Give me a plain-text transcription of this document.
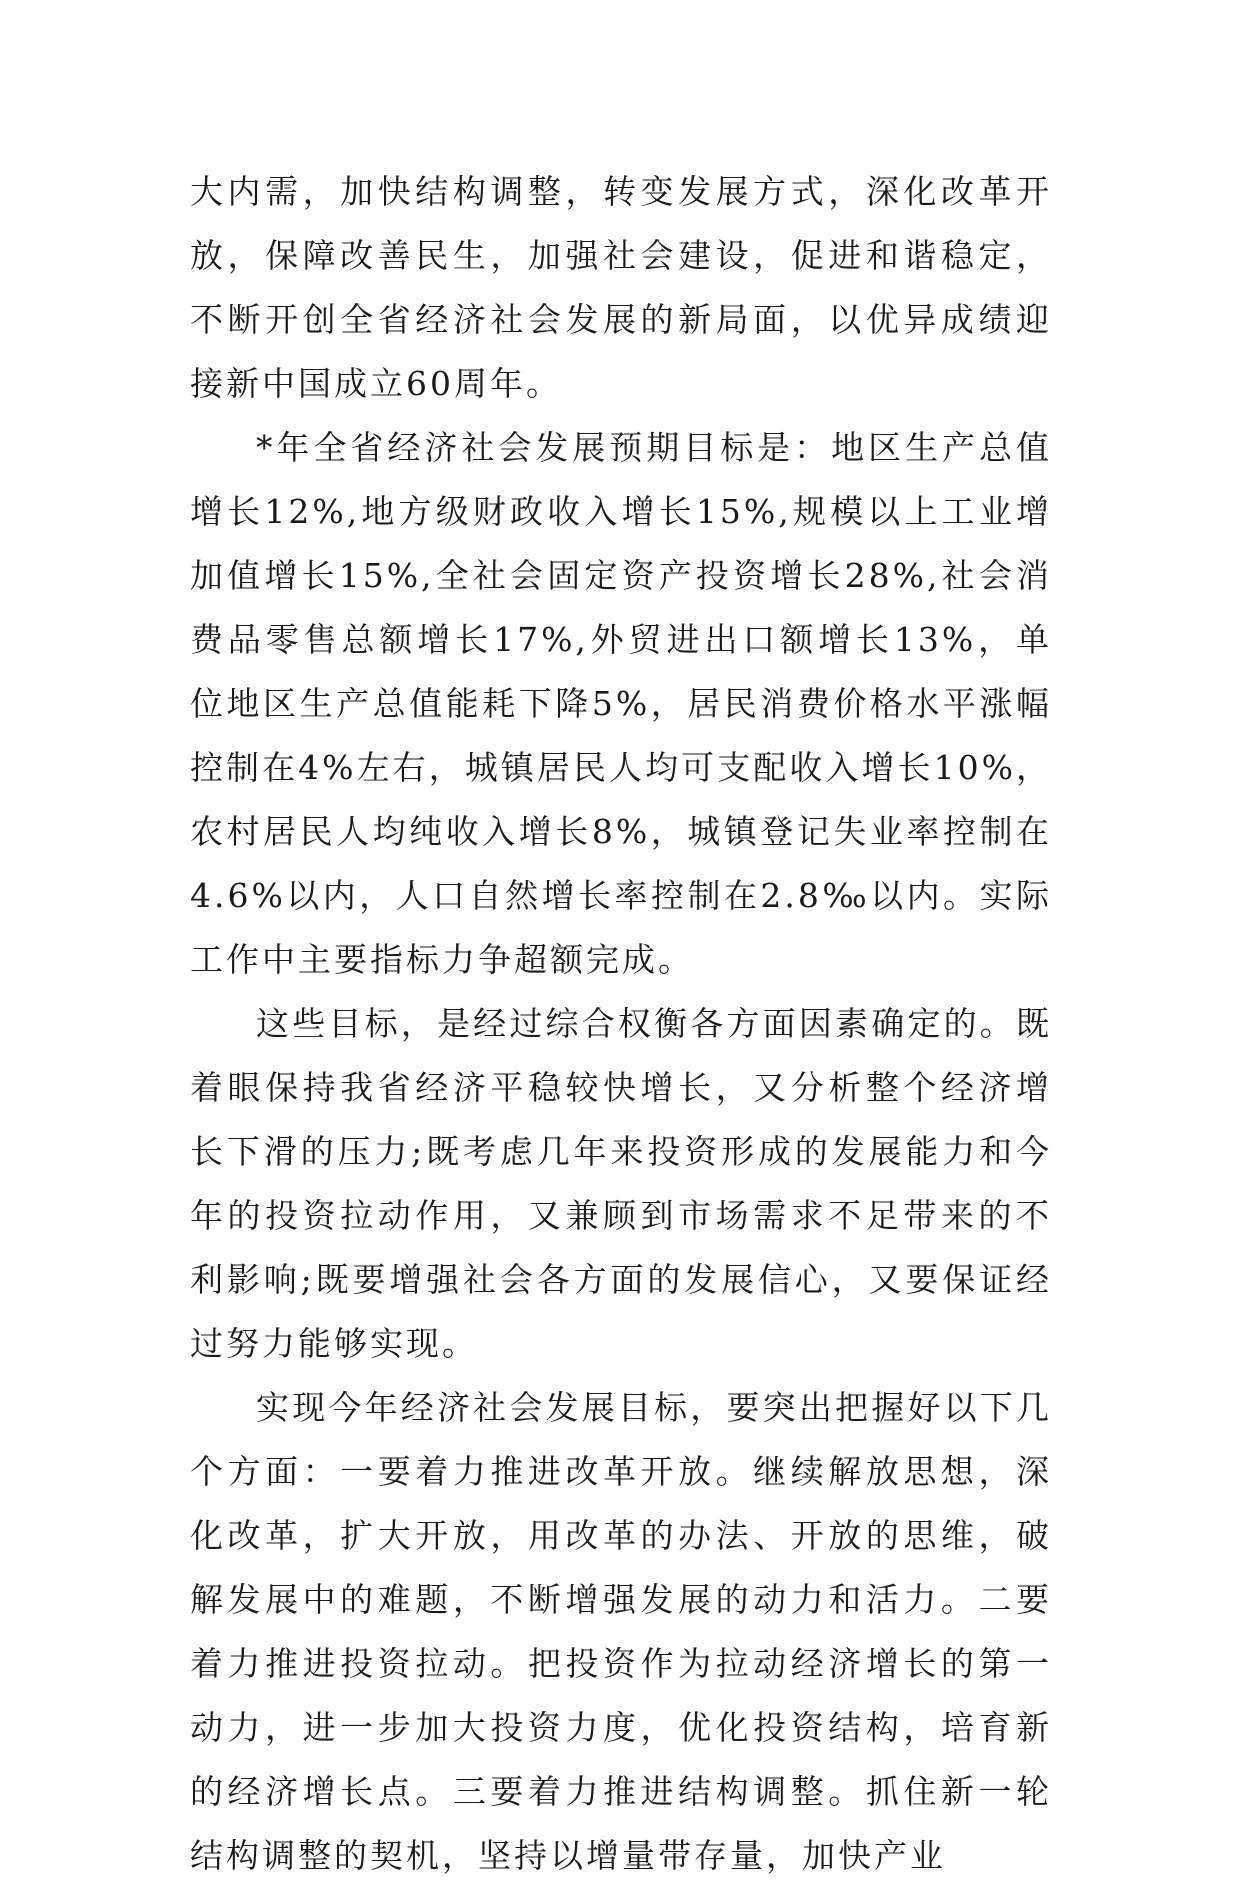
大内需，加快结构调整，转变发展方式，深化改革开放，保障改善民生，加强社会建设，促进和谐稳定，不断开创全省经济社会发展的新局面，以优异成绩迎接新中国成立60周年。

*年全省经济社会发展预期目标是：地区生产总值增长12%,地方级财政收入增长15%,规模以上工业增加值增长15%,全社会固定资产投资增长28%,社会消费品零售总额增长17%,外贸进出口额增长13%，单位地区生产总值能耗下降5%，居民消费价格水平涨幅控制在4%左右，城镇居民人均可支配收入增长10%，农村居民人均纯收入增长8%，城镇登记失业率控制在4.6%以内，人口自然增长率控制在2.8‰以内。实际工作中主要指标力争超额完成。

这些目标，是经过综合权衡各方面因素确定的。既着眼保持我省经济平稳较快增长，又分析整个经济增长下滑的压力;既考虑几年来投资形成的发展能力和今年的投资拉动作用，又兼顾到市场需求不足带来的不利影响;既要增强社会各方面的发展信心，又要保证经过努力能够实现。

实现今年经济社会发展目标，要突出把握好以下几个方面：一要着力推进改革开放。继续解放思想，深化改革，扩大开放，用改革的办法、开放的思维，破解发展中的难题，不断增强发展的动力和活力。二要着力推进投资拉动。把投资作为拉动经济增长的第一动力，进一步加大投资力度，优化投资结构，培育新的经济增长点。三要着力推进结构调整。抓住新一轮结构调整的契机，坚持以增量带存量，加快产业
